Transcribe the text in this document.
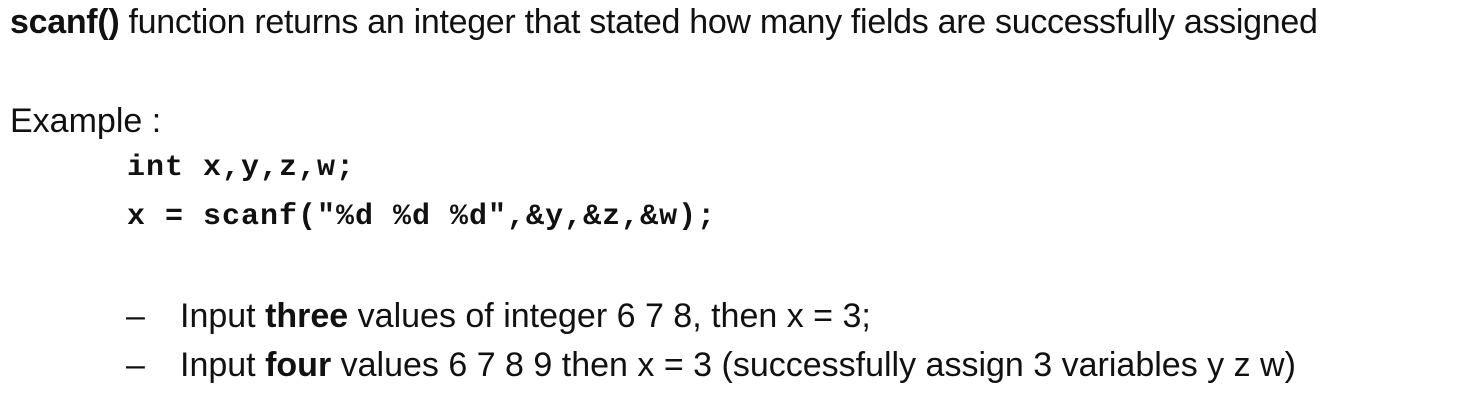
scanf() function returns an integer that stated how many fields are successfully assigned
Example :
int x,y,z,w;
x = scanf("%d %d %d",&y,&z,&w);
– Input three values of integer 6 7 8, then x = 3;
– Input four values 6 7 8 9 then x = 3 (successfully assign 3 variables y z w)
